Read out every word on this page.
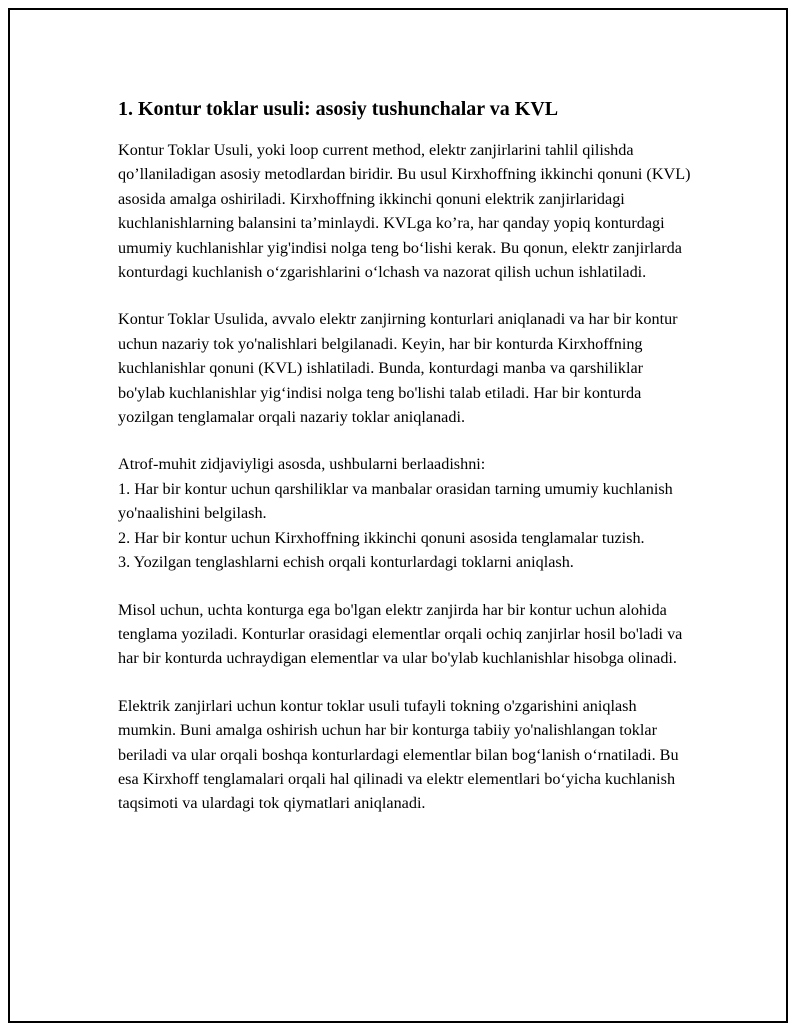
1. Kontur toklar usuli: asosiy tushunchalar va KVL

Kontur Toklar Usuli, yoki loop current method, elektr zanjirlarini tahlil qilishda qo’llaniladigan asosiy metodlardan biridir. Bu usul Kirxhoffning ikkinchi qonuni (KVL) asosida amalga oshiriladi. Kirxhoffning ikkinchi qonuni elektrik zanjirlaridagi kuchlanishlarning balansini ta’minlaydi. KVLga ko’ra, har qanday yopiq konturdagi umumiy kuchlanishlar yig'indisi nolga teng bo‘lishi kerak. Bu qonun, elektr zanjirlarda konturdagi kuchlanish o‘zgarishlarini o‘lchash va nazorat qilish uchun ishlatiladi.

Kontur Toklar Usulida, avvalo elektr zanjirning konturlari aniqlanadi va har bir kontur uchun nazariy tok yo'nalishlari belgilanadi. Keyin, har bir konturda Kirxhoffning kuchlanishlar qonuni (KVL) ishlatiladi. Bunda, konturdagi manba va qarshiliklar bo'ylab kuchlanishlar yig‘indisi nolga teng bo'lishi talab etiladi. Har bir konturda yozilgan tenglamalar orqali nazariy toklar aniqlanadi.

Atrof-muhit zidjaviyligi asosda, ushbularni berlaadishni:
1. Har bir kontur uchun qarshiliklar va manbalar orasidan tarning umumiy kuchlanish yo'naalishini belgilash.
2. Har bir kontur uchun Kirxhoffning ikkinchi qonuni asosida tenglamalar tuzish.
3. Yozilgan tenglashlarni echish orqali konturlardagi toklarni aniqlash.

Misol uchun, uchta konturga ega bo'lgan elektr zanjirda har bir kontur uchun alohida tenglama yoziladi. Konturlar orasidagi elementlar orqali ochiq zanjirlar hosil bo'ladi va har bir konturda uchraydigan elementlar va ular bo'ylab kuchlanishlar hisobga olinadi.

Elektrik zanjirlari uchun kontur toklar usuli tufayli tokning o'zgarishini aniqlash mumkin. Buni amalga oshirish uchun har bir konturga tabiiy yo'nalishlangan toklar beriladi va ular orqali boshqa konturlardagi elementlar bilan bog‘lanish o‘rnatiladi. Bu esa Kirxhoff tenglamalari orqali hal qilinadi va elektr elementlari bo‘yicha kuchlanish taqsimoti va ulardagi tok qiymatlari aniqlanadi.
